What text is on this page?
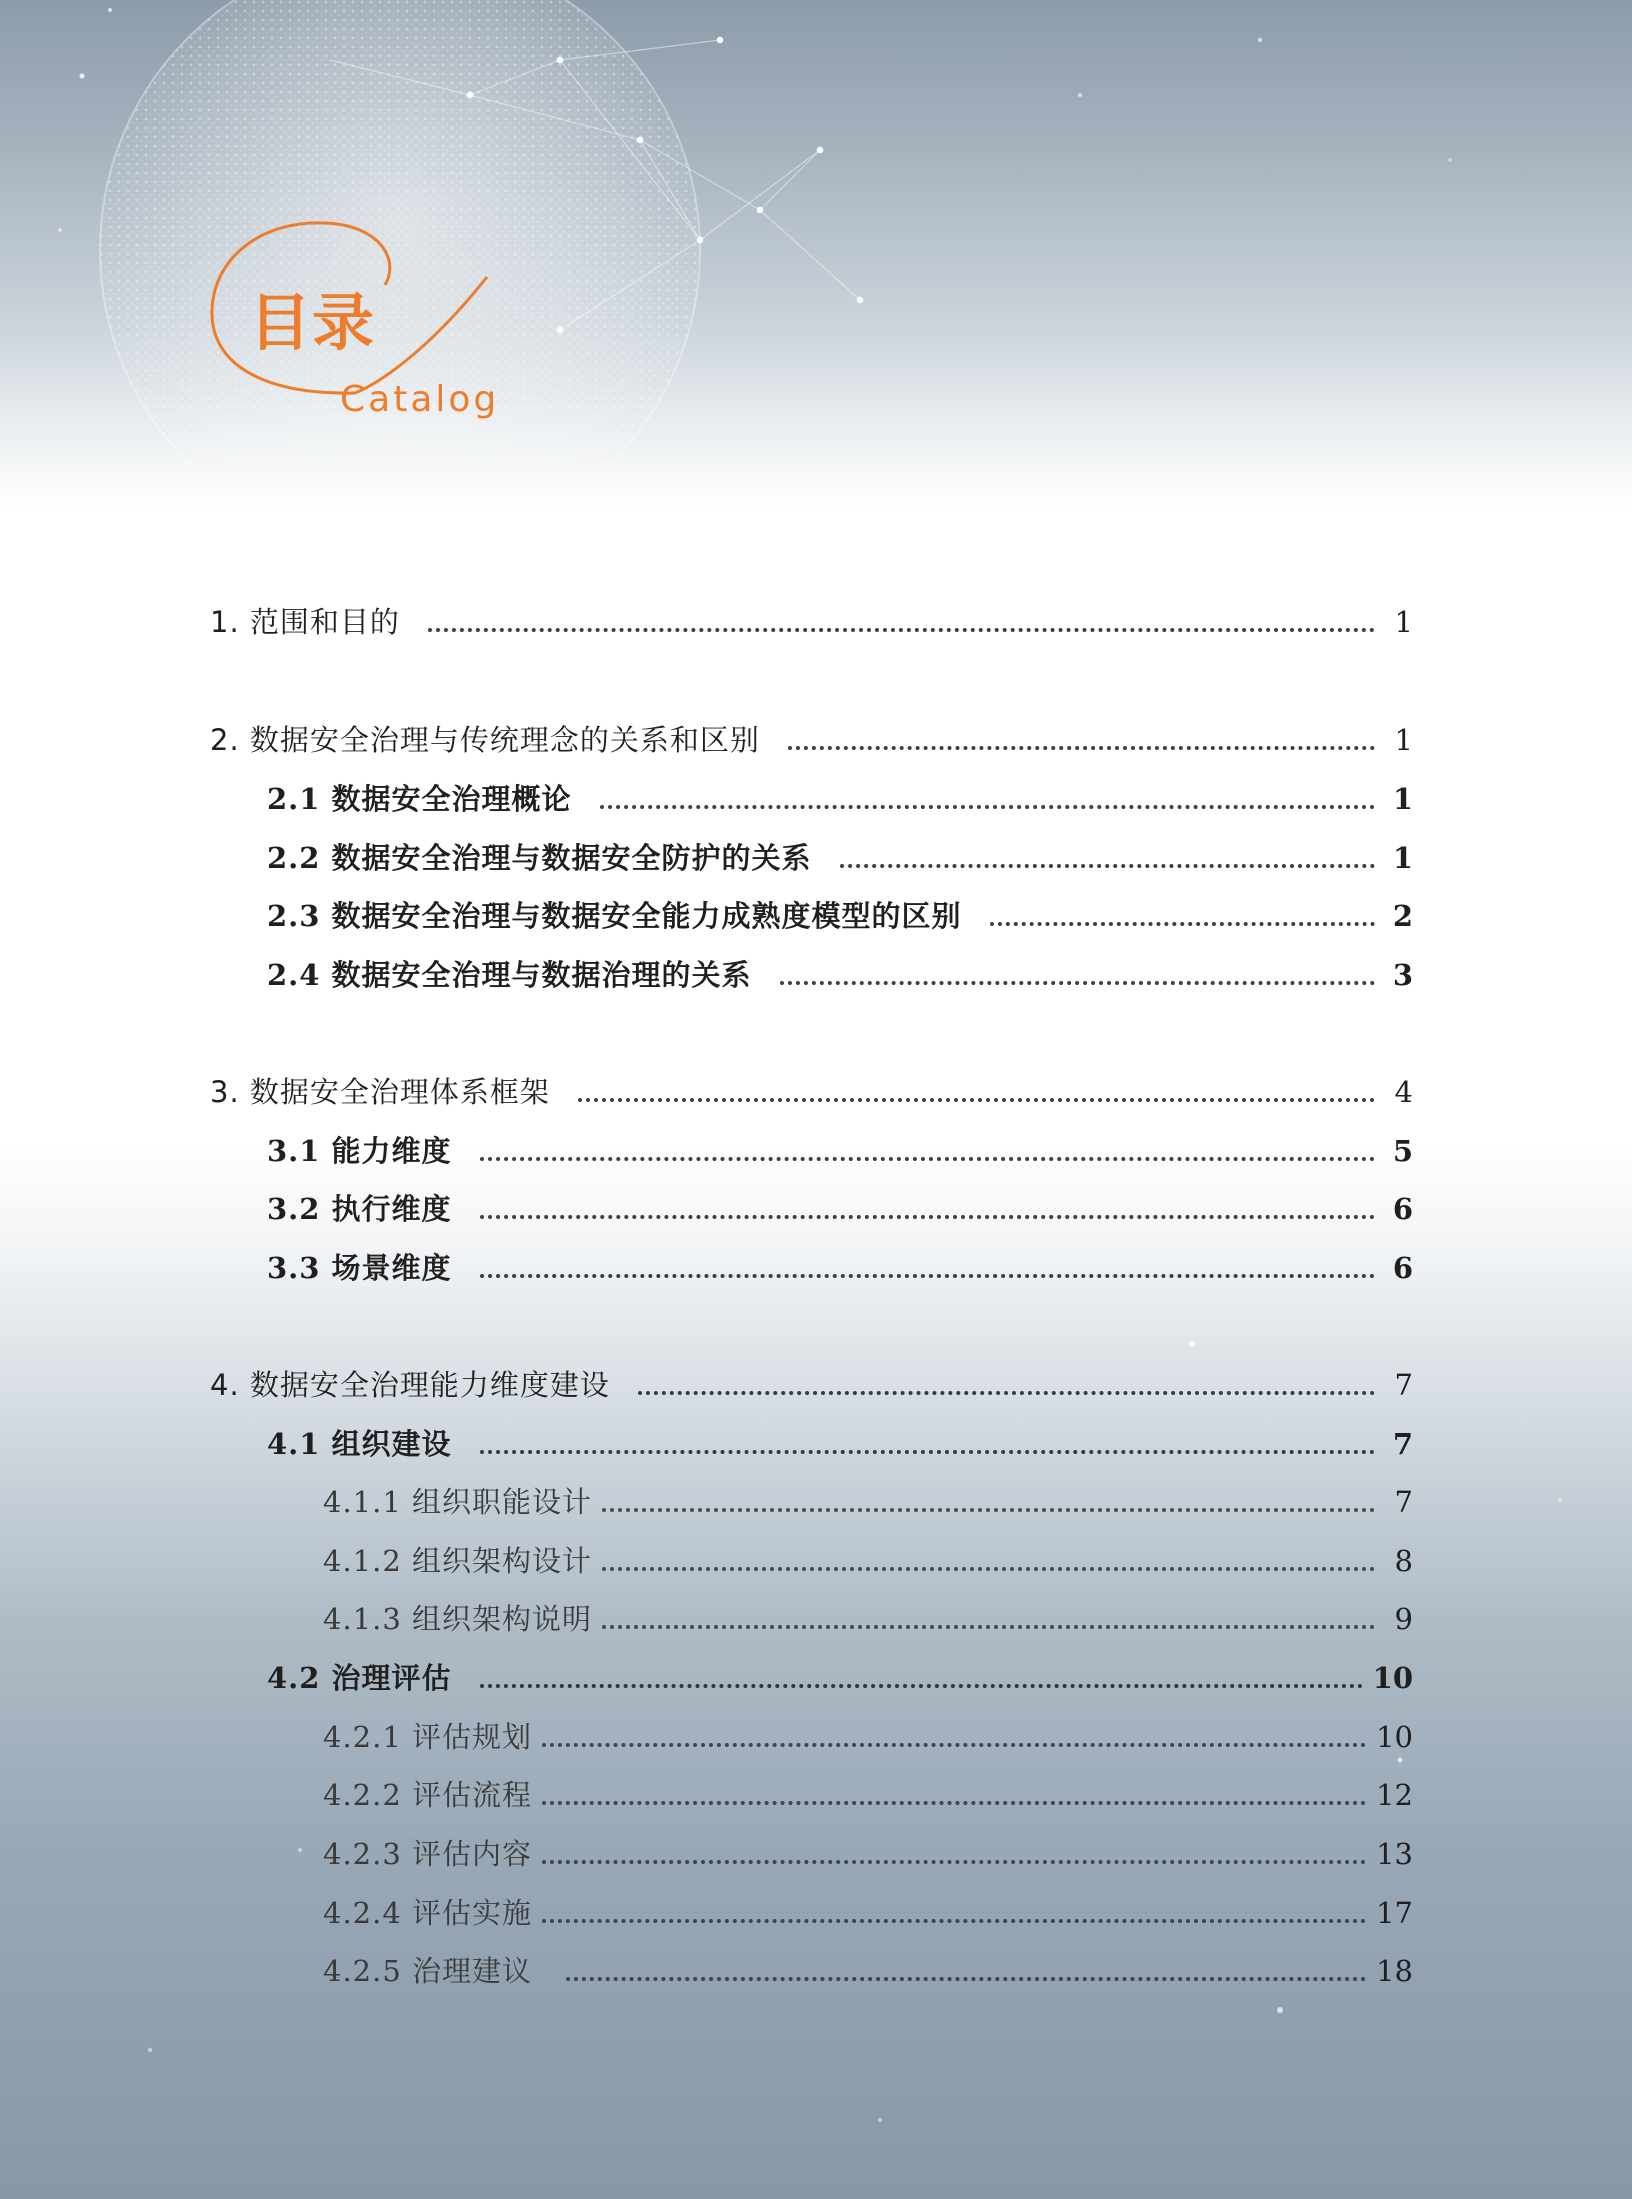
目录
Catalog
1. 范围和目的	1
2. 数据安全治理与传统理念的关系和区别	1
2.1 数据安全治理概论	1
2.2 数据安全治理与数据安全防护的关系	1
2.3 数据安全治理与数据安全能力成熟度模型的区别	2
2.4 数据安全治理与数据治理的关系	3
3. 数据安全治理体系框架	4
3.1 能力维度	5
3.2 执行维度	6
3.3 场景维度	6
4. 数据安全治理能力维度建设	7
4.1 组织建设	7
4.1.1 组织职能设计	7
4.1.2 组织架构设计	8
4.1.3 组织架构说明	9
4.2 治理评估	10
4.2.1 评估规划	10
4.2.2 评估流程	12
4.2.3 评估内容	13
4.2.4 评估实施	17
4.2.5 治理建议	18
